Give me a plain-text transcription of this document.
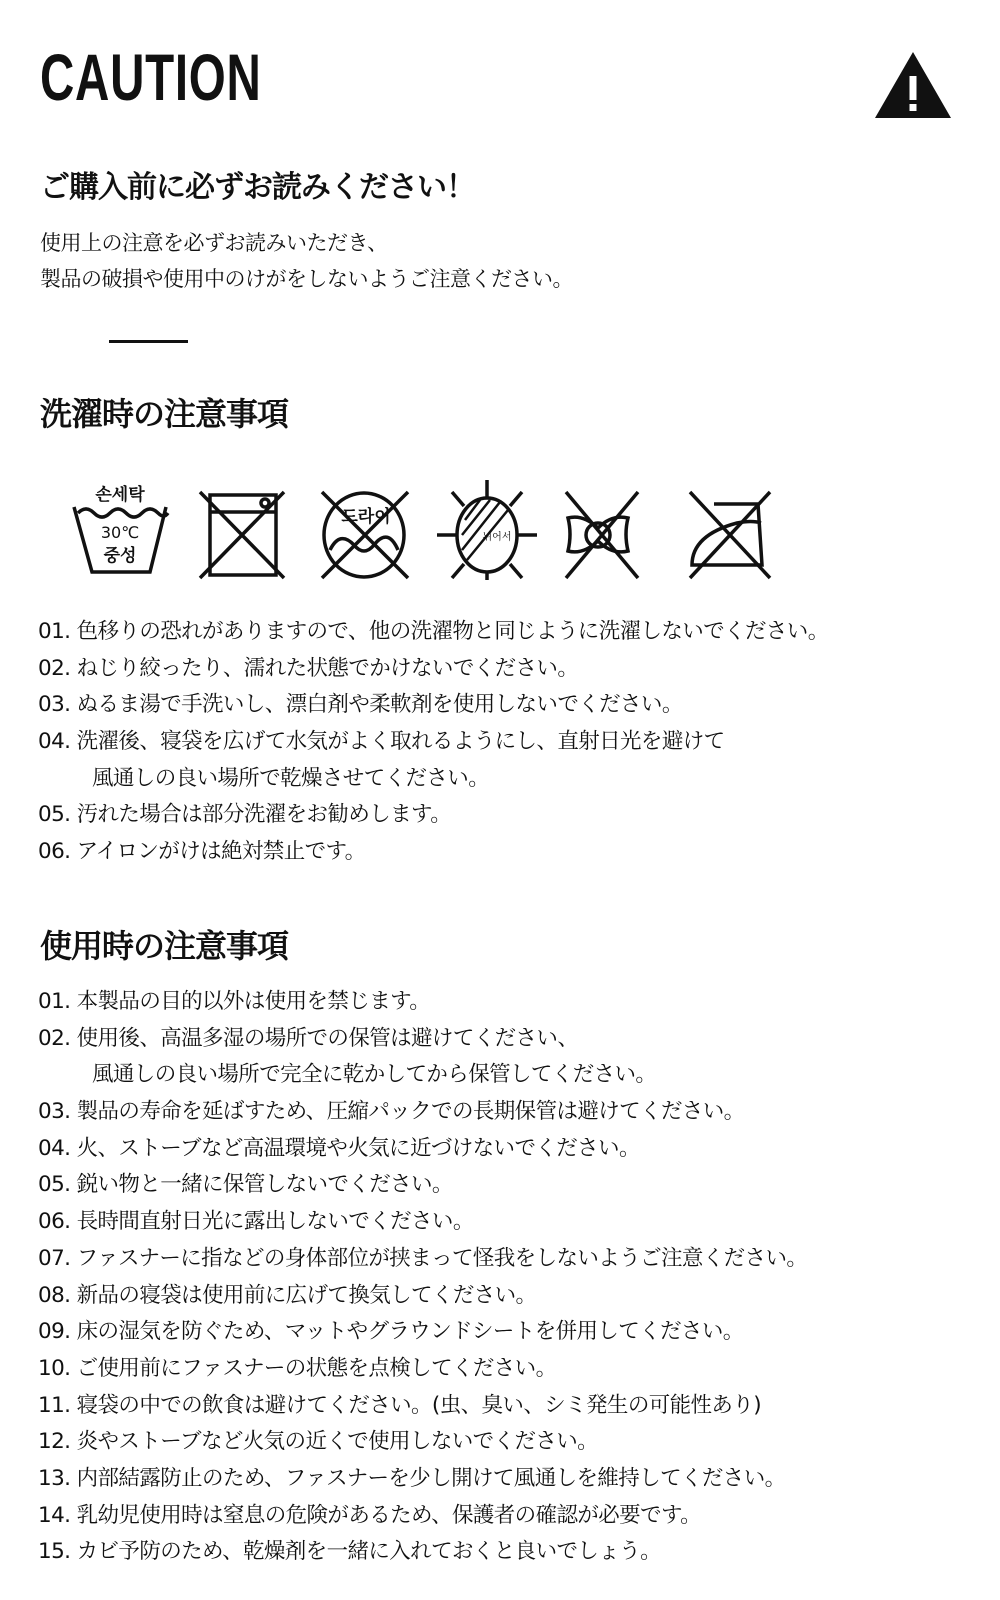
CAUTION
ご購入前に必ずお読みください！
使用上の注意を必ずお読みいただき、
製品の破損や使用中のけがをしないようご注意ください。
洗濯時の注意事項
손세탁
30℃
중성
드라이
뉘어서
01. 色移りの恐れがありますので、他の洗濯物と同じように洗濯しないでください。
02. ねじり絞ったり、濡れた状態でかけないでください。
03. ぬるま湯で手洗いし、漂白剤や柔軟剤を使用しないでください。
04. 洗濯後、寝袋を広げて水気がよく取れるようにし、直射日光を避けて
風通しの良い場所で乾燥させてください。
05. 汚れた場合は部分洗濯をお勧めします。
06. アイロンがけは絶対禁止です。
使用時の注意事項
01. 本製品の目的以外は使用を禁じます。
02. 使用後、高温多湿の場所での保管は避けてください、
風通しの良い場所で完全に乾かしてから保管してください。
03. 製品の寿命を延ばすため、圧縮パックでの長期保管は避けてください。
04. 火、ストーブなど高温環境や火気に近づけないでください。
05. 鋭い物と一緒に保管しないでください。
06. 長時間直射日光に露出しないでください。
07. ファスナーに指などの身体部位が挟まって怪我をしないようご注意ください。
08. 新品の寝袋は使用前に広げて換気してください。
09. 床の湿気を防ぐため、マットやグラウンドシートを併用してください。
10. ご使用前にファスナーの状態を点検してください。
11. 寝袋の中での飲食は避けてください。(虫、臭い、シミ発生の可能性あり)
12. 炎やストーブなど火気の近くで使用しないでください。
13. 内部結露防止のため、ファスナーを少し開けて風通しを維持してください。
14. 乳幼児使用時は窒息の危険があるため、保護者の確認が必要です。
15. カビ予防のため、乾燥剤を一緒に入れておくと良いでしょう。
